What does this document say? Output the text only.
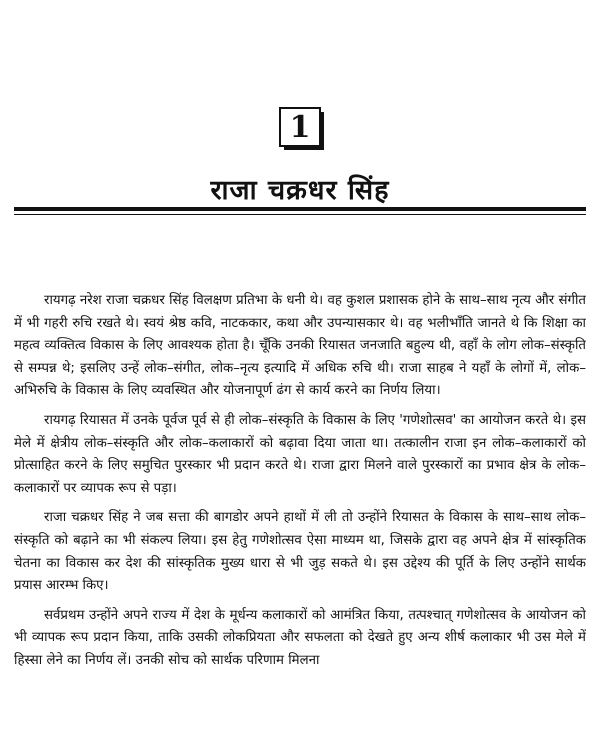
1
राजा चक्रधर सिंह

रायगढ़ नरेश राजा चक्रधर सिंह विलक्षण प्रतिभा के धनी थे। वह कुशल प्रशासक होने के साथ–साथ नृत्य और संगीत में भी गहरी रुचि रखते थे। स्वयं श्रेष्ठ कवि, नाटककार, कथा और उपन्यासकार थे। वह भलीभाँति जानते थे कि शिक्षा का महत्व व्यक्तित्व विकास के लिए आवश्यक होता है। चूँकि उनकी रियासत जनजाति बहुल्य थी, वहाँ के लोग लोक–संस्कृति से सम्पन्न थे; इसलिए उन्हें लोक–संगीत, लोक–नृत्य इत्यादि में अधिक रुचि थी। राजा साहब ने यहाँ के लोगों में, लोक–अभिरुचि के विकास के लिए व्यवस्थित और योजनापूर्ण ढंग से कार्य करने का निर्णय लिया।

रायगढ़ रियासत में उनके पूर्वज पूर्व से ही लोक–संस्कृति के विकास के लिए 'गणेशोत्सव' का आयोजन करते थे। इस मेले में क्षेत्रीय लोक–संस्कृति और लोक–कलाकारों को बढ़ावा दिया जाता था। तत्कालीन राजा इन लोक–कलाकारों को प्रोत्साहित करने के लिए समुचित पुरस्कार भी प्रदान करते थे। राजा द्वारा मिलने वाले पुरस्कारों का प्रभाव क्षेत्र के लोक–कलाकारों पर व्यापक रूप से पड़ा।

राजा चक्रधर सिंह ने जब सत्ता की बागडोर अपने हाथों में ली तो उन्होंने रियासत के विकास के साथ–साथ लोक–संस्कृति को बढ़ाने का भी संकल्प लिया। इस हेतु गणेशोत्सव ऐसा माध्यम था, जिसके द्वारा वह अपने क्षेत्र में सांस्कृतिक चेतना का विकास कर देश की सांस्कृतिक मुख्य धारा से भी जुड़ सकते थे। इस उद्देश्य की पूर्ति के लिए उन्होंने सार्थक प्रयास आरम्भ किए।

सर्वप्रथम उन्होंने अपने राज्य में देश के मूर्धन्य कलाकारों को आमंत्रित किया, तत्पश्चात् गणेशोत्सव के आयोजन को भी व्यापक रूप प्रदान किया, ताकि उसकी लोकप्रियता और सफलता को देखते हुए अन्य शीर्ष कलाकार भी उस मेले में हिस्सा लेने का निर्णय लें। उनकी सोच को सार्थक परिणाम मिलना
